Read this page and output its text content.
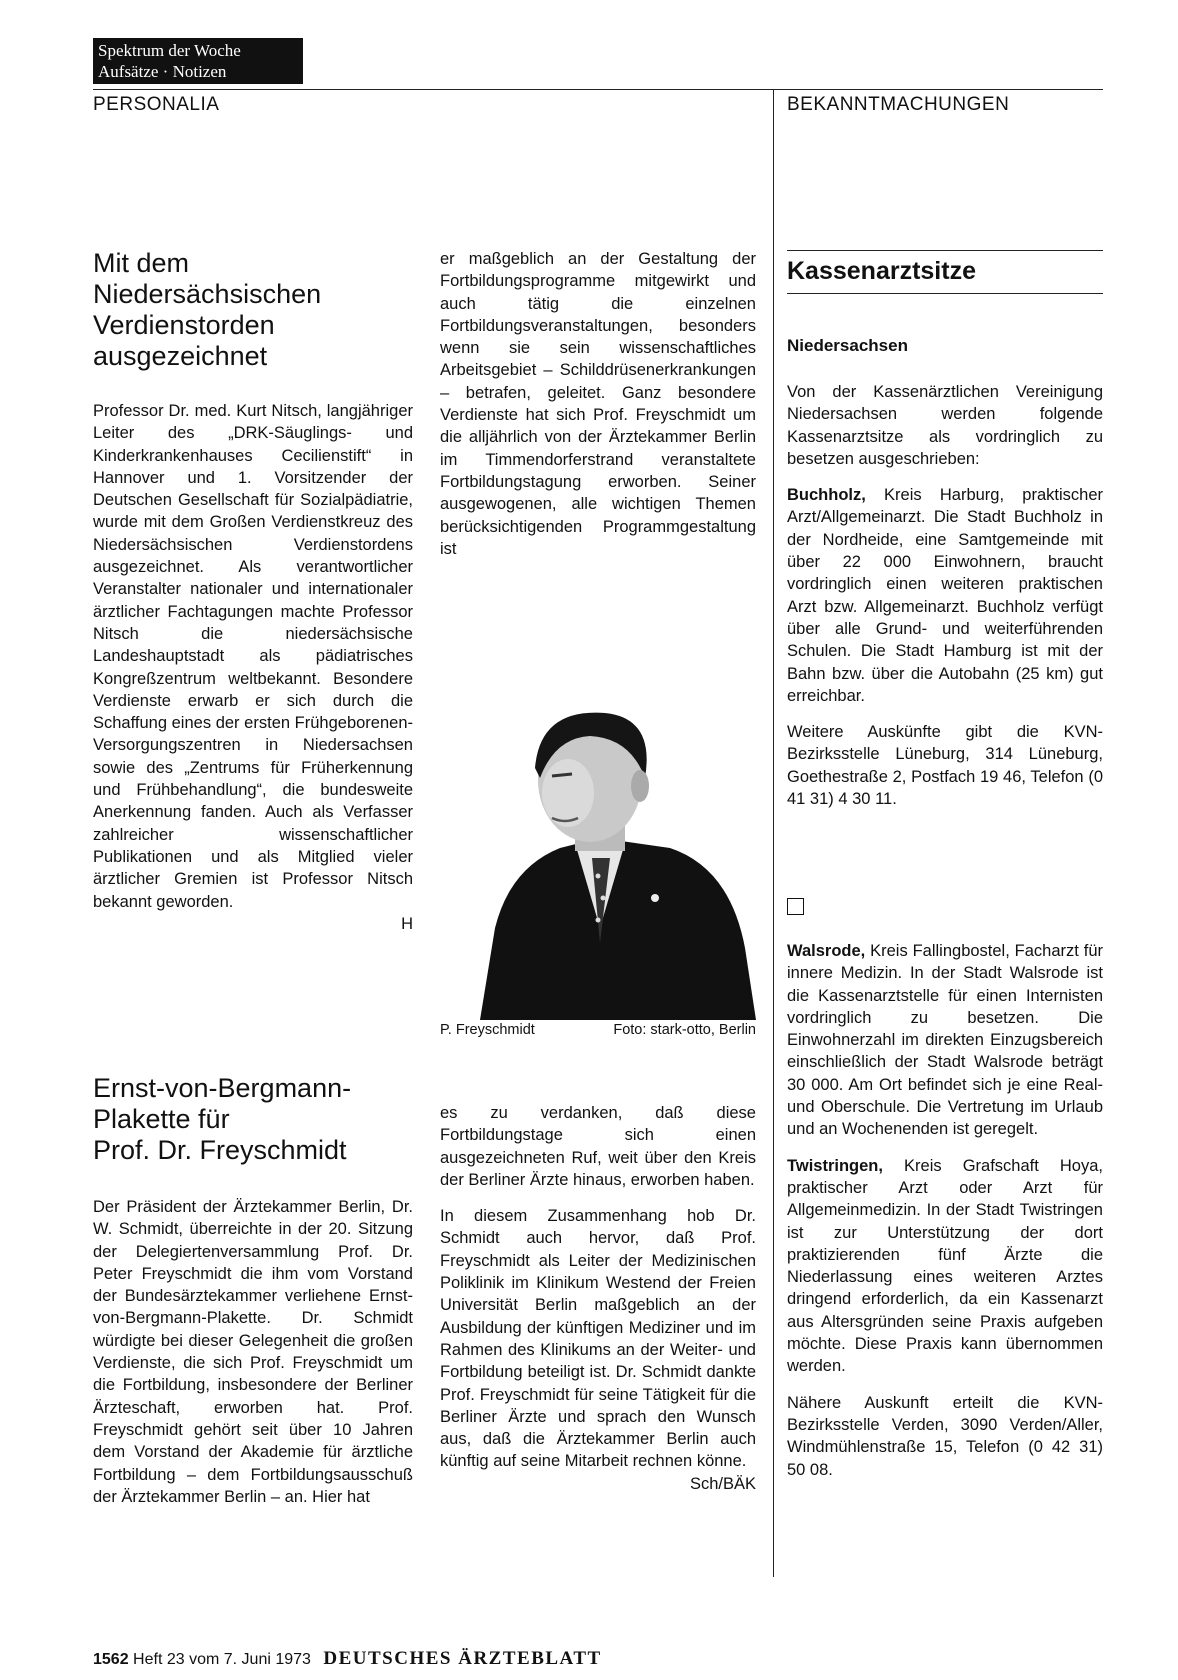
Spektrum der Woche
Aufsätze · Notizen
PERSONALIA	BEKANNTMACHUNGEN
Mit dem
Niedersächsischen
Verdienstorden
ausgezeichnet

Professor Dr. med. Kurt Nitsch, langjähriger Leiter des „DRK-Säuglings- und Kinderkrankenhauses Cecilienstift“ in Hannover und 1. Vorsitzender der Deutschen Gesellschaft für Sozialpädiatrie, wurde mit dem Großen Verdienstkreuz des Niedersächsischen Verdienstordens ausgezeichnet. Als verantwortlicher Veranstalter nationaler und internationaler ärztlicher Fachtagungen machte Professor Nitsch die niedersächsische Landeshauptstadt als pädiatrisches Kongreßzentrum weltbekannt. Besondere Verdienste erwarb er sich durch die Schaffung eines der ersten Frühgeborenen-Versorgungszentren in Niedersachsen sowie des „Zentrums für Früherkennung und Frühbehandlung“, die bundesweite Anerkennung fanden. Auch als Verfasser zahlreicher wissenschaftlicher Publikationen und als Mitglied vieler ärztlicher Gremien ist Professor Nitsch bekannt geworden.

H
Ernst-von-Bergmann-
Plakette für
Prof. Dr. Freyschmidt

Der Präsident der Ärztekammer Berlin, Dr. W. Schmidt, überreichte in der 20. Sitzung der Delegiertenversammlung Prof. Dr. Peter Freyschmidt die ihm vom Vorstand der Bundesärztekammer verliehene Ernst-von-Bergmann-Plakette. Dr. Schmidt würdigte bei dieser Gelegenheit die großen Verdienste, die sich Prof. Freyschmidt um die Fortbildung, insbesondere der Berliner Ärzteschaft, erworben hat. Prof. Freyschmidt gehört seit über 10 Jahren dem Vorstand der Akademie für ärztliche Fortbildung – dem Fortbildungsausschuß der Ärztekammer Berlin – an. Hier hat

er maßgeblich an der Gestaltung der Fortbildungsprogramme mitgewirkt und auch tätig die einzelnen Fortbildungsveranstaltungen, besonders wenn sie sein wissenschaftliches Arbeitsgebiet – Schilddrüsenerkrankungen – betrafen, geleitet. Ganz besondere Verdienste hat sich Prof. Freyschmidt um die alljährlich von der Ärztekammer Berlin im Timmendorferstrand veranstaltete Fortbildungstagung erworben. Seiner ausgewogenen, alle wichtigen Themen berücksichtigenden Programmgestaltung ist

P. Freyschmidt	Foto: stark-otto, Berlin

es zu verdanken, daß diese Fortbildungstage sich einen ausgezeichneten Ruf, weit über den Kreis der Berliner Ärzte hinaus, erworben haben.

In diesem Zusammenhang hob Dr. Schmidt auch hervor, daß Prof. Freyschmidt als Leiter der Medizinischen Poliklinik im Klinikum Westend der Freien Universität Berlin maßgeblich an der Ausbildung der künftigen Mediziner und im Rahmen des Klinikums an der Weiter- und Fortbildung beteiligt ist. Dr. Schmidt dankte Prof. Freyschmidt für seine Tätigkeit für die Berliner Ärzte und sprach den Wunsch aus, daß die Ärztekammer Berlin auch künftig auf seine Mitarbeit rechnen könne.

Sch/BÄK
Kassenarztsitze
Niedersachsen

Von der Kassenärztlichen Vereinigung Niedersachsen werden folgende Kassenarztsitze als vordringlich zu besetzen ausgeschrieben:

Buchholz, Kreis Harburg, praktischer Arzt/Allgemeinarzt. Die Stadt Buchholz in der Nordheide, eine Samtgemeinde mit über 22 000 Einwohnern, braucht vordringlich einen weiteren praktischen Arzt bzw. Allgemeinarzt. Buchholz verfügt über alle Grund- und weiterführenden Schulen. Die Stadt Hamburg ist mit der Bahn bzw. über die Autobahn (25 km) gut erreichbar.

Weitere Auskünfte gibt die KVN-Bezirksstelle Lüneburg, 314 Lüneburg, Goethestraße 2, Postfach 19 46, Telefon (0 41 31) 4 30 11.

Walsrode, Kreis Fallingbostel, Facharzt für innere Medizin. In der Stadt Walsrode ist die Kassenarztstelle für einen Internisten vordringlich zu besetzen. Die Einwohnerzahl im direkten Einzugsbereich einschließlich der Stadt Walsrode beträgt 30 000. Am Ort befindet sich je eine Real- und Oberschule. Die Vertretung im Urlaub und an Wochenenden ist geregelt.

Twistringen, Kreis Grafschaft Hoya, praktischer Arzt oder Arzt für Allgemeinmedizin. In der Stadt Twistringen ist zur Unterstützung der dort praktizierenden fünf Ärzte die Niederlassung eines weiteren Arztes dringend erforderlich, da ein Kassenarzt aus Altersgründen seine Praxis aufgeben möchte. Diese Praxis kann übernommen werden.

Nähere Auskunft erteilt die KVN-Bezirksstelle Verden, 3090 Verden/Aller, Windmühlenstraße 15, Telefon (0 42 31) 50 08.

1562 Heft 23 vom 7. Juni 1973 DEUTSCHES ÄRZTEBLATT
